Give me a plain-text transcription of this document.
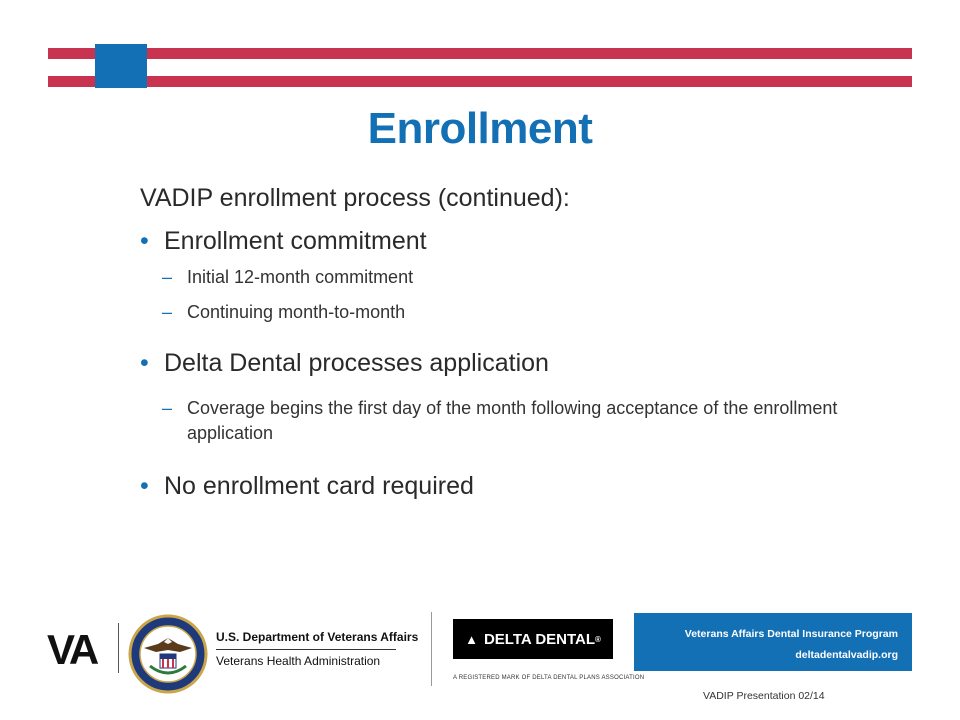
Enrollment
VADIP enrollment process (continued):
• Enrollment commitment
– Initial 12-month commitment
– Continuing month-to-month
• Delta Dental processes application
– Coverage begins the first day of the month following acceptance of the enrollment application
• No enrollment card required
VA	U.S. Department of Veterans Affairs
Veterans Health Administration
▲ DELTA DENTAL ®
A REGISTERED MARK OF DELTA DENTAL PLANS ASSOCIATION
Veterans Affairs Dental Insurance Program
deltadentalvadip.org
VADIP Presentation 02/14
